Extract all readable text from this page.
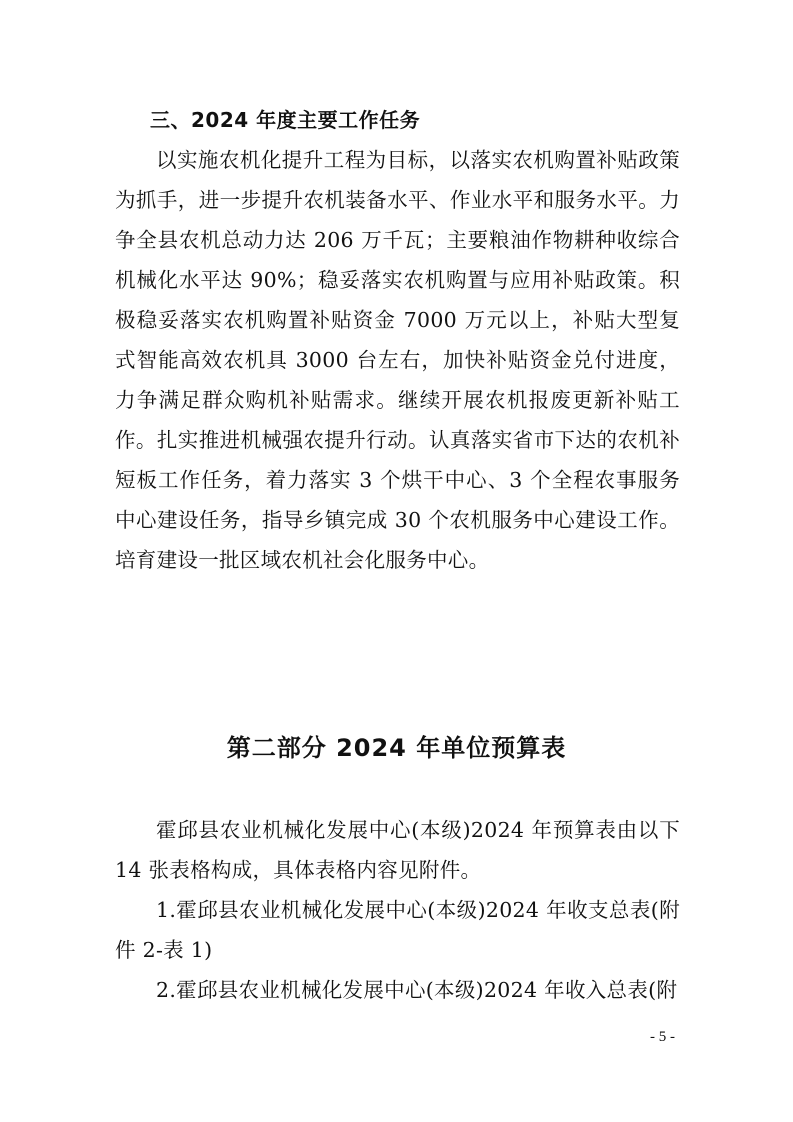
三、2024 年度主要工作任务

以实施农机化提升工程为目标，以落实农机购置补贴政策为抓手，进一步提升农机装备水平、作业水平和服务水平。力争全县农机总动力达 206 万千瓦；主要粮油作物耕种收综合机械化水平达 90%；稳妥落实农机购置与应用补贴政策。积极稳妥落实农机购置补贴资金 7000 万元以上，补贴大型复式智能高效农机具 3000 台左右，加快补贴资金兑付进度，力争满足群众购机补贴需求。继续开展农机报废更新补贴工作。扎实推进机械强农提升行动。认真落实省市下达的农机补短板工作任务，着力落实 3 个烘干中心、3 个全程农事服务中心建设任务，指导乡镇完成 30 个农机服务中心建设工作。培育建设一批区域农机社会化服务中心。

第二部分 2024 年单位预算表

霍邱县农业机械化发展中心(本级)2024 年预算表由以下 14 张表格构成，具体表格内容见附件。

1.霍邱县农业机械化发展中心(本级)2024 年收支总表(附件 2-表 1)

2.霍邱县农业机械化发展中心(本级)2024 年收入总表(附

- 5 -
